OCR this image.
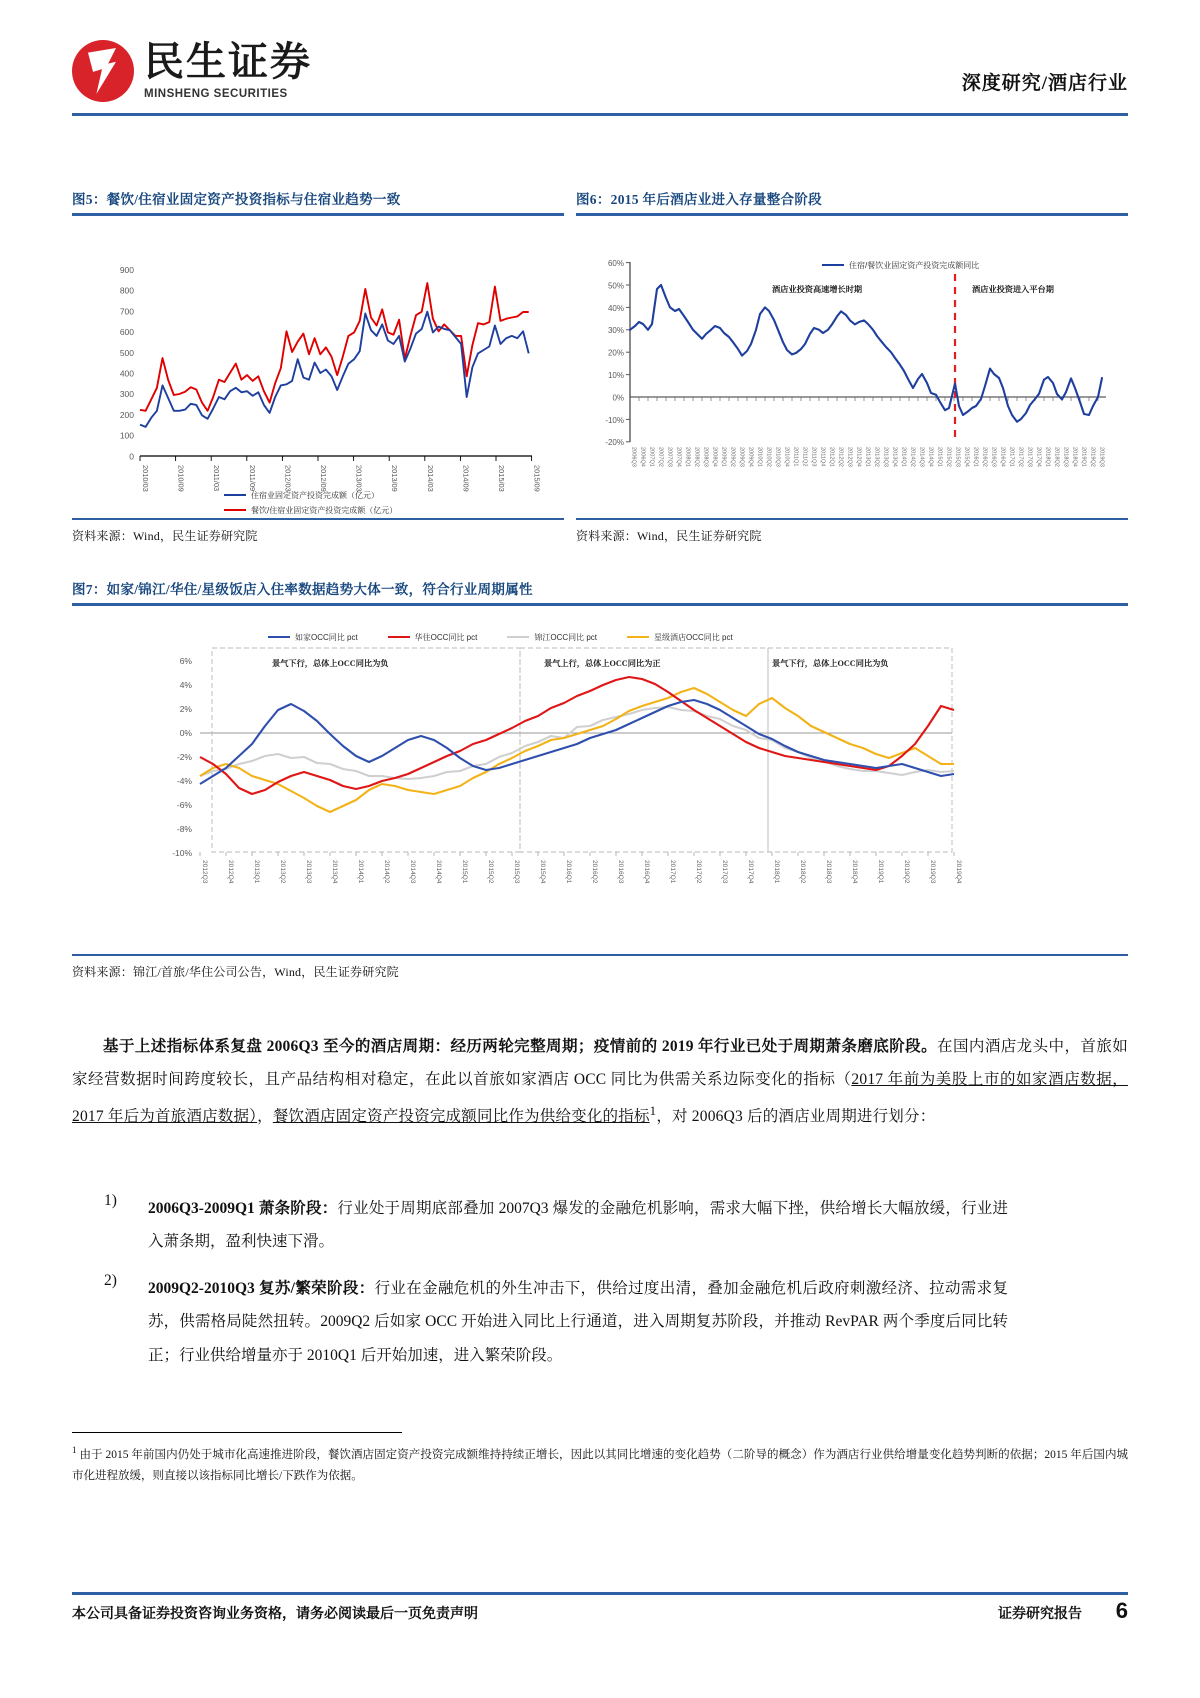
民生证券
MINSHENG SECURITIES	深度研究/酒店行业
图5：餐饮/住宿业固定资产投资指标与住宿业趋势一致
900
800
700
600
500
400
300
200
100
0
2010/03	2010/09	2011/03	2011/09	2012/03	2012/09	2013/03	2013/09	2014/03	2014/09	2015/03	2015/09
住宿业固定资产投资完成额（亿元）
餐饮/住宿业固定资产投资完成额（亿元）
资料来源：Wind，民生证券研究院
图6：2015 年后酒店业进入存量整合阶段
60%
50%
40%
30%
20%
10%
0%
-10%
-20%
2006Q3 2006Q4 2007Q1 2007Q2 2007Q3 2007Q4 2008Q1 2008Q2 2008Q3 2008Q4 2009Q1 2009Q2 2009Q3 2009Q4 2010Q1 2010Q2 2010Q3 2010Q4 2011Q1 2011Q2 2011Q3 2011Q4 2012Q1 2012Q2 2012Q3 2012Q4 2013Q1 2013Q2 2013Q3 2013Q4 2014Q1 2014Q2 2014Q3 2014Q4 2015Q1 2015Q2 2015Q3 2015Q4 2016Q1 2016Q2 2016Q3 2016Q4 2017Q1 2017Q2 2017Q3 2017Q4 2018Q1 2018Q2 2018Q3 2018Q4 2019Q1 2019Q2 2019Q3
住宿/餐饮业固定资产投资完成额同比
酒店业投资高速增长时期	酒店业投资进入平台期
资料来源：Wind，民生证券研究院
图7：如家/锦江/华住/星级饭店入住率数据趋势大体一致，符合行业周期属性
6%
4%
2%
0%
-2%
-4%
-6%
-8%
-10%
2012Q3	2012Q4	2013Q1	2013Q2	2013Q3	2013Q4	2014Q1	2014Q2	2014Q3	2014Q4	2015Q1	2015Q2	2015Q3	2015Q4	2016Q1	2016Q2	2016Q3	2016Q4	2017Q1	2017Q2	2017Q3	2017Q4	2018Q1	2018Q2	2018Q3	2018Q4	2019Q1	2019Q2	2019Q3	2019Q4
如家OCC同比 pct	华住OCC同比 pct	锦江OCC同比 pct	星级酒店OCC同比 pct
景气下行，总体上OCC同比为负	景气上行，总体上OCC同比为正	景气下行，总体上OCC同比为负
资料来源：锦江/首旅/华住公司公告，Wind，民生证券研究院
基于上述指标体系复盘 2006Q3 至今的酒店周期：经历两轮完整周期；疫情前的 2019 年行业已处于周期萧条磨底阶段。在国内酒店龙头中，首旅如家经营数据时间跨度较长，且产品结构相对稳定，在此以首旅如家酒店 OCC 同比为供需关系边际变化的指标（2017 年前为美股上市的如家酒店数据，2017 年后为首旅酒店数据），餐饮酒店固定资产投资完成额同比作为供给变化的指标$^1$，对 2006Q3 后的酒店业周期进行划分：
1) 2006Q3-2009Q1 萧条阶段：行业处于周期底部叠加 2007Q3 爆发的金融危机影响，需求大幅下挫，供给增长大幅放缓，行业进入萧条期，盈利快速下滑。
2) 2009Q2-2010Q3 复苏/繁荣阶段：行业在金融危机的外生冲击下，供给过度出清，叠加金融危机后政府刺激经济、拉动需求复苏，供需格局陡然扭转。2009Q2 后如家 OCC 开始进入同比上行通道，进入周期复苏阶段，并推动 RevPAR 两个季度后同比转正；行业供给增量亦于 2010Q1 后开始加速，进入繁荣阶段。
$^1$ 由于 2015 年前国内仍处于城市化高速推进阶段，餐饮酒店固定资产投资完成额维持持续正增长，因此以其同比增速的变化趋势（二阶导的概念）作为酒店行业供给增量变化趋势判断的依据；2015 年后国内城市化进程放缓，则直接以该指标同比增长/下跌作为依据。
本公司具备证券投资咨询业务资格，请务必阅读最后一页免责声明	证券研究报告 6
